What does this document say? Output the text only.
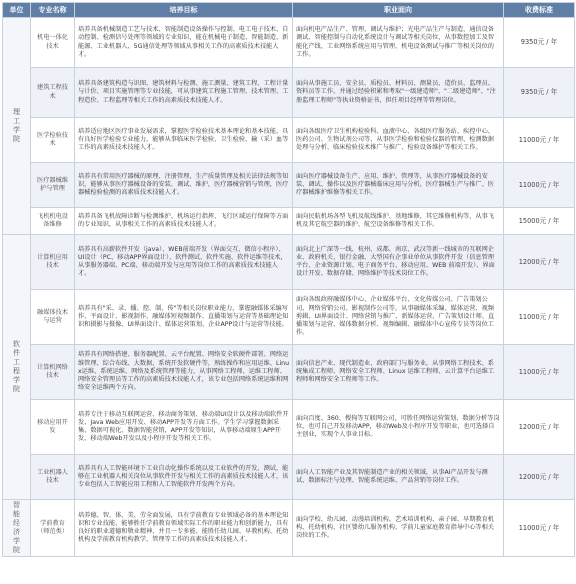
单位	专业名称	培养目标	职业面向	收费标准
理工学院	机电一体化技术	培养具备机械制造工艺与技术、智能制造设备操作与控制、电工电子技术、自动控制、检测信号处理等领域的专业知识，能在机械电子制造、智能制造、新能源、工业机器人、5G通信处理等领域从事相关工作的高素质技术技能人才。	面向机电产品生产、管理、调试与维护；光电产品生产与制造、通信设备调试、智能控制与自动化系统设计与调试等相关岗位，从事数控加工及智能化产线、工业网络系统应用与管理、机电设备测试与推广等相关岗位的工作。	9350元 / 年
	建筑工程技术	培养具备建筑构造与识图、建筑材料与检测、施工测量、建筑工程、工程计量与计价、项目实施管理等专业技能，可从事建筑工程施工管理、技术管理、工程造价、工程监理等相关工作的高素质技术技能人才。	面向从事施工员、安全员、质检员、材料员、测量员、造价员、监理员、资料员等工作，并通过经验积累和考取"一级建造师"、"二级建造师"、"注册监理工程师"等执业资格证书，担任项目经理等管理岗位。	9350元 / 年
	医学检验技术	培养适应地区医疗事业发展需求，掌握医学检验技术基本理论和基本技能，具有良好医学检验专业能力，能够从事临床医学检验、卫生检验、输（采）血等工作的高素质技术技能人才。	面向各级医疗卫生机构检验科、血液中心、各级医疗服务站、疾控中心、医药公司、生物试剂公司等，从事医学检验和检验仪器的管理、检测数据处理与分析、临床检验技术推广与推广、检验设备维护等相关工作。	11000元 / 年
	医疗器械维护与管理	培养具有常用医疗器械的原理、注册管理、生产质量管理及相关法律法规等知识，能够从事医疗器械设备的安装、调试、维护，医疗器械营销与管理，医疗器械检验检测的高素质技术技能人才。	面向医疗器械设备生产、应用、维护、管理等，从事医疗器械设备的安装、调试、操作以及医疗器械临床应用与分析，医疗器械生产与推广、医疗器械维护维修等相关工作。	11000元 / 年
	飞机机电设备维修	培养具备飞机故障诊断与检测维护、机场运行指挥、飞行区域运行保障等方面的专业知识，从事相关工作的高素质技术技能人才。	面向民航机场各型飞机及航线维护、基地维修，其它维修机构等，从事飞机及其它航空器的维护、航空设备维修等相关工作。	15000元 / 年
软件工程学院	计算机应用技术	培养具有高薪软件开发（java）、WEB前端开发（界面交互、微信小程序）、UI设计（PC、移动APP界面设计）、软件测试、软件实施、软件运维等技术，从事服务器端、PC端、移动端开发与应用等岗位工作的高素质技术技能人才。	面向北上广深等一线、杭州、成都、南京、武汉等新一线城市的互联网企业、政府机关、银行金融、大型国有企事业单位从事软件开发（信息管理平台、企业资源计划、电子商务平台、移动应用、WEB 前端开发）、界面设计开发、数据存储、网络维护等技术岗位工作。	12000元 / 年
	融媒体技术与运营	培养具有"采、录、播、控、制、传"等相关岗位职业能力，掌握融媒体采编写作、平面设计、影视制作、融媒体短视频制作、直播策划与运营等基础理论知识和摄影与摄像、UI界面设计、媒体运营策划、企业APP设计与运营等技能。	面向各级政府融媒体中心、企业媒体平台、文化传媒公司、广告策划公司、网络营销公司、影视制作公司等，从事融媒体采编、媒体运营、视频剪辑、UI界面设计、网络营销与推广、新媒体运营、广告策划设计师、直播策划与运营、媒体数据分析、视频编辑、融媒体中心宣传专员等岗位工作。	11000元 / 年
	计算机网络技术	培养具有网络搭建、服务器配置、云平台配置、网络安全软硬件部署、网络运维管理、综合布线、大数据、系统开发软硬件等，熟练操作和应用运维、Linux运维、系统运维、网络及系统管理等能力，从事网络工程师、运维工程师、网络安全管理员等工作的高素质技术技能人才，该专业包括网络系统运维和网络安全运维两个方向。	面向信息产业、现代制造业、政府部门与服务业，从事网络工程技术、系统集成工程师、网络安全工程师、Linux 运维工程师、云计算平台运维工程师和网络安全工程师等工作。	11000元 / 年
	移动应用开发	培养专注于移动互联网运营、移动商务策划、移动端UI设计以及移动端软件开发、Java Web应用开发、移动APP开发等方面工作。学生学习掌握数据采集、数据可视化、数据智能营销，APP开发等知识，从事移动端原生APP开发、移动端Web开发以及小程序开发等相关工作。	面向百度、360、搜狗等互联网公司，可胜任网络运营策划、数据分析等岗位，也可自己开发移动APP，移动Web及小程序开发等职业，也可选择自主创业，实现个人事业目标。	12000元 / 年
	工业机器人技术	培养具有人工智能环境下工业自动化操作系统以及工业软件的开发、测试，能够在工业机器人相关岗位从事软件开发与相关工作的高素质技术技能人才，该专业包括人工智能应用工程和人工智能软件开发两个方向。	面向人工智能产业及其智能制造产业的相关领域，从事AI产品开发与测试、数据标注与处理、智能系统运维、产品营销等岗位工作。	12000元 / 年
智能经济学院	学前教育（师范类）	培养德、智、体、美、劳全面发展，具有学前教育专业领域必备的基本理论知识和专业技能，能够胜任学前教育领域实际工作的职业能力和创新能力，具有良好的职业道德和敬业精神，并且一专多能、能胜任幼儿园、早教机构、托幼机构及学前教育机构教学、管理等工作的高素质技术技能人才。	面向学校、幼儿园、动漫培训机构、艺术培训机构、亲子园、早期教育机构、托幼机构、社区婴幼儿服务机构、学前儿童家庭教育指导中心等相关岗位的工作。	11000元 / 年
